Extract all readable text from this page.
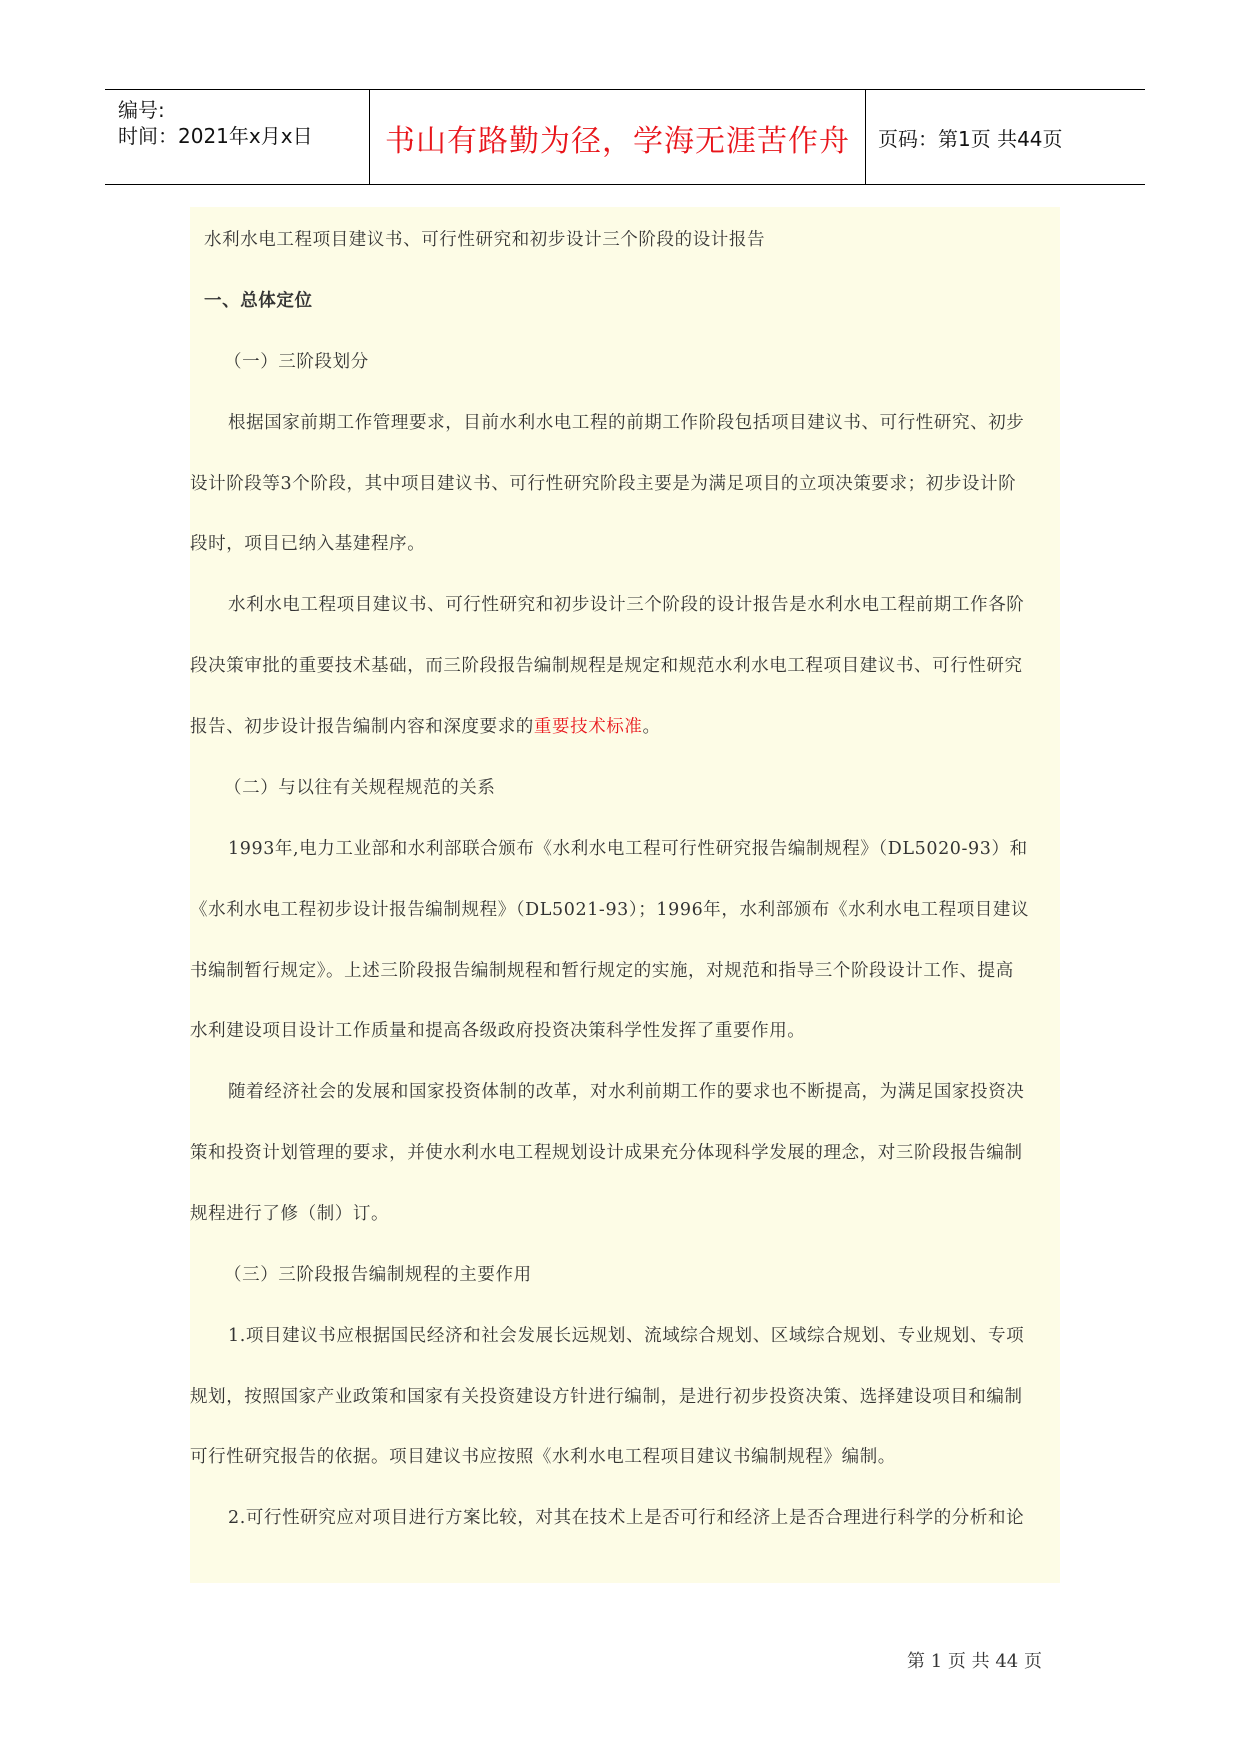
编号:
时间：2021年x月x日	书山有路勤为径，学海无涯苦作舟	页码：第1页 共44页
水利水电工程项目建议书、可行性研究和初步设计三个阶段的设计报告
一、总体定位
（一）三阶段划分
根据国家前期工作管理要求，目前水利水电工程的前期工作阶段包括项目建议书、可行性研究、初步
设计阶段等3个阶段，其中项目建议书、可行性研究阶段主要是为满足项目的立项决策要求；初步设计阶
段时，项目已纳入基建程序。
水利水电工程项目建议书、可行性研究和初步设计三个阶段的设计报告是水利水电工程前期工作各阶
段决策审批的重要技术基础，而三阶段报告编制规程是规定和规范水利水电工程项目建议书、可行性研究
报告、初步设计报告编制内容和深度要求的重要技术标准。
（二）与以往有关规程规范的关系
1993年,电力工业部和水利部联合颁布《水利水电工程可行性研究报告编制规程》（DL5020-93）和
《水利水电工程初步设计报告编制规程》（DL5021-93）；1996年，水利部颁布《水利水电工程项目建议
书编制暂行规定》。上述三阶段报告编制规程和暂行规定的实施，对规范和指导三个阶段设计工作、提高
水利建设项目设计工作质量和提高各级政府投资决策科学性发挥了重要作用。
随着经济社会的发展和国家投资体制的改革，对水利前期工作的要求也不断提高，为满足国家投资决
策和投资计划管理的要求，并使水利水电工程规划设计成果充分体现科学发展的理念，对三阶段报告编制
规程进行了修（制）订。
（三）三阶段报告编制规程的主要作用
1.项目建议书应根据国民经济和社会发展长远规划、流域综合规划、区域综合规划、专业规划、专项
规划，按照国家产业政策和国家有关投资建设方针进行编制，是进行初步投资决策、选择建设项目和编制
可行性研究报告的依据。项目建议书应按照《水利水电工程项目建议书编制规程》编制。
2.可行性研究应对项目进行方案比较，对其在技术上是否可行和经济上是否合理进行科学的分析和论
第 1 页 共 44 页
